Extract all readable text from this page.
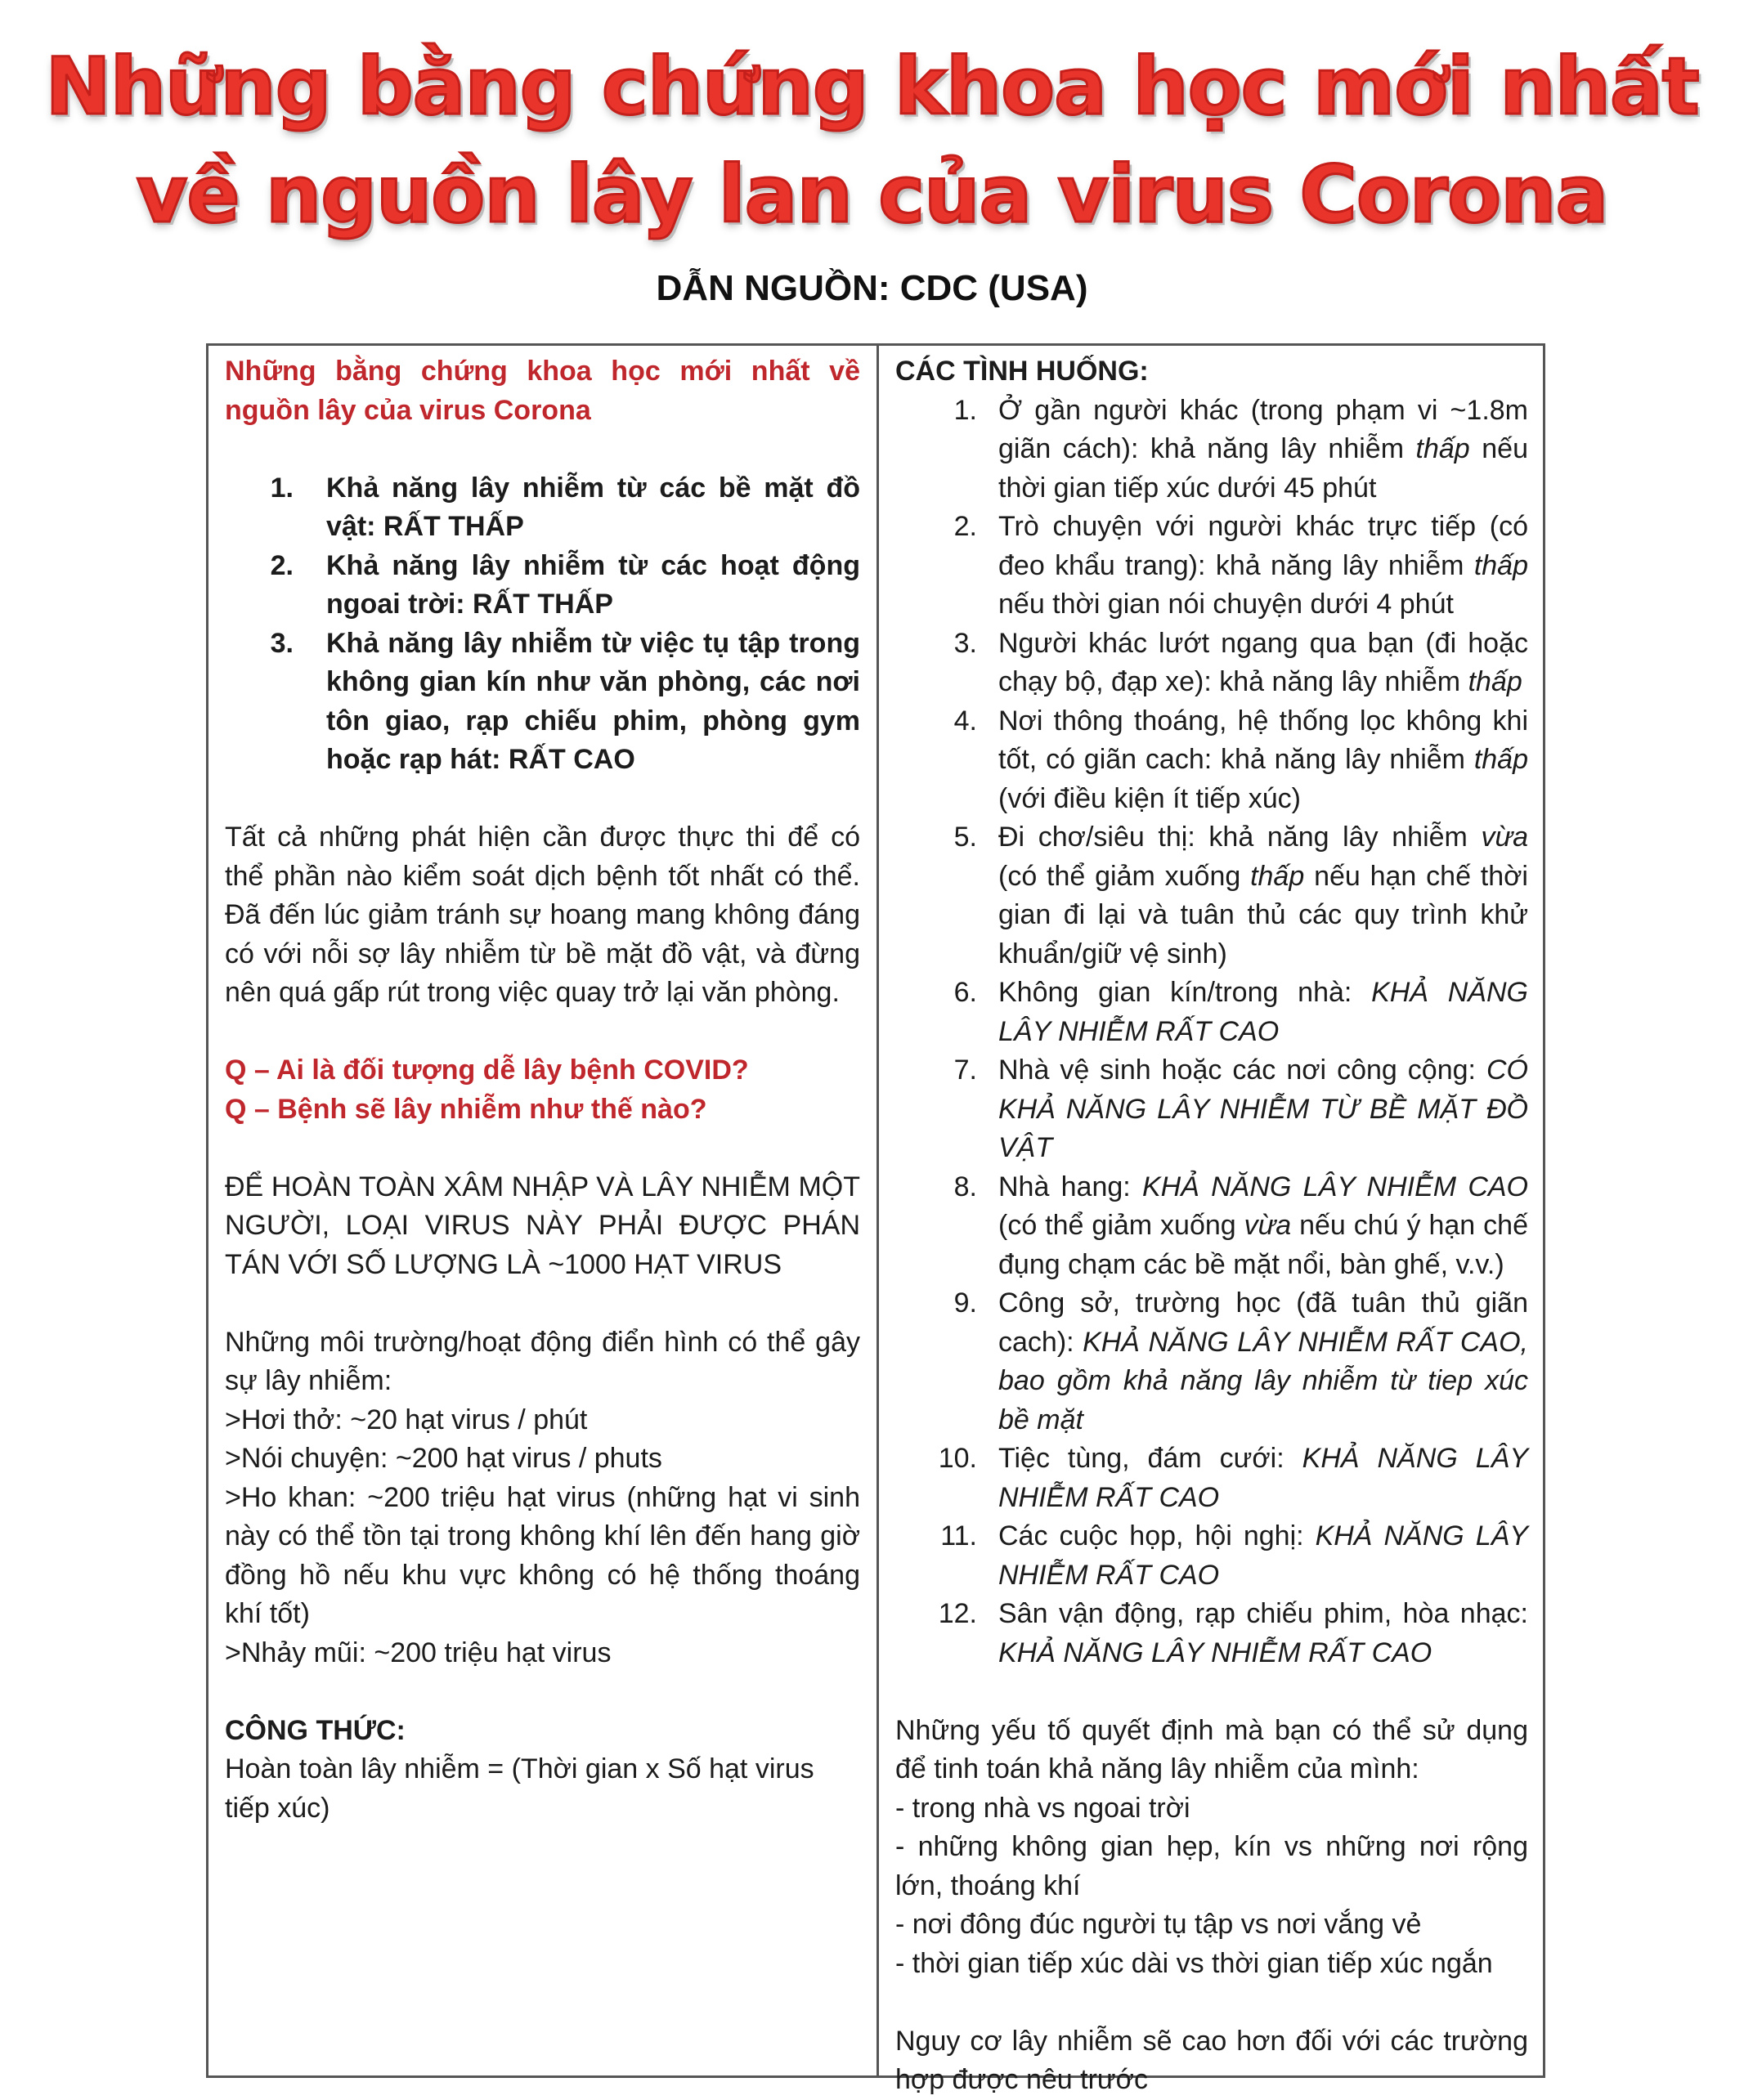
Những bằng chứng khoa học mới nhất
về nguồn lây lan của virus Corona
DẪN NGUỒN: CDC (USA)
Những bằng chứng khoa học mới nhất về nguồn lây của virus Corona
1.	Khả năng lây nhiễm từ các bề mặt đồ vật: RẤT THẤP
2.	Khả năng lây nhiễm từ các hoạt động ngoai trời: RẤT THẤP
3.	Khả năng lây nhiễm từ việc tụ tập trong không gian kín như văn phòng, các nơi tôn giao, rạp chiếu phim, phòng gym hoặc rạp hát: RẤT CAO
Tất cả những phát hiện cần được thực thi để có thể phần nào kiểm soát dịch bệnh tốt nhất có thể. Đã đến lúc giảm tránh sự hoang mang không đáng có với nỗi sợ lây nhiễm từ bề mặt đồ vật, và đừng nên quá gấp rút trong việc quay trở lại văn phòng.
Q – Ai là đối tượng dễ lây bệnh COVID?
Q – Bệnh sẽ lây nhiễm như thế nào?
ĐỂ HOÀN TOÀN XÂM NHẬP VÀ LÂY NHIỄM MỘT NGƯỜI, LOẠI VIRUS NÀY PHẢI ĐƯỢC PHÁN TÁN VỚI SỐ LƯỢNG LÀ ~1000 HẠT VIRUS
Những môi trường/hoạt động điển hình có thể gây sự lây nhiễm:
>Hơi thở: ~20 hạt virus / phút
>Nói chuyện: ~200 hạt virus / phuts
>Ho khan: ~200 triệu hạt virus (những hạt vi sinh này có thể tồn tại trong không khí lên đến hang giờ đồng hồ nếu khu vực không có hệ thống thoáng khí tốt)
>Nhảy mũi: ~200 triệu hạt virus
CÔNG THỨC:
Hoàn toàn lây nhiễm = (Thời gian x Số hạt virus tiếp xúc)
CÁC TÌNH HUỐNG:
1. Ở gần người khác (trong phạm vi ~1.8m giãn cách): khả năng lây nhiễm thấp nếu thời gian tiếp xúc dưới 45 phút
2. Trò chuyện với người khác trực tiếp (có đeo khẩu trang): khả năng lây nhiễm thấp nếu thời gian nói chuyện dưới 4 phút
3. Người khác lướt ngang qua bạn (đi hoặc chạy bộ, đạp xe): khả năng lây nhiễm thấp
4. Nơi thông thoáng, hệ thống lọc không khi tốt, có giãn cach: khả năng lây nhiễm thấp (với điều kiện ít tiếp xúc)
5. Đi chơ/siêu thị: khả năng lây nhiễm vừa (có thể giảm xuống thấp nếu hạn chế thời gian đi lại và tuân thủ các quy trình khử khuẩn/giữ vệ sinh)
6. Không gian kín/trong nhà: KHẢ NĂNG LÂY NHIỄM RẤT CAO
7. Nhà vệ sinh hoặc các nơi công cộng: CÓ KHẢ NĂNG LÂY NHIỄM TỪ BỀ MẶT ĐỒ VẬT
8. Nhà hang: KHẢ NĂNG LÂY NHIỄM CAO (có thể giảm xuống vừa nếu chú ý hạn chế đụng chạm các bề mặt nổi, bàn ghế, v.v.)
9. Công sở, trường học (đã tuân thủ giãn cach): KHẢ NĂNG LÂY NHIỄM RẤT CAO, bao gồm khả năng lây nhiễm từ tiep xúc bề mặt
10. Tiệc tùng, đám cưới: KHẢ NĂNG LÂY NHIỄM RẤT CAO
11. Các cuộc họp, hội nghị: KHẢ NĂNG LÂY NHIỄM RẤT CAO
12. Sân vận động, rạp chiếu phim, hòa nhạc: KHẢ NĂNG LÂY NHIỄM RẤT CAO
Những yếu tố quyết định mà bạn có thể sử dụng để tinh toán khả năng lây nhiễm của mình:
- trong nhà vs ngoai trời
- những không gian hẹp, kín vs những nơi rộng lớn, thoáng khí
- nơi đông đúc người tụ tập vs nơi vắng vẻ
- thời gian tiếp xúc dài vs thời gian tiếp xúc ngắn
Nguy cơ lây nhiễm sẽ cao hơn đối với các trường hợp được nêu trước
